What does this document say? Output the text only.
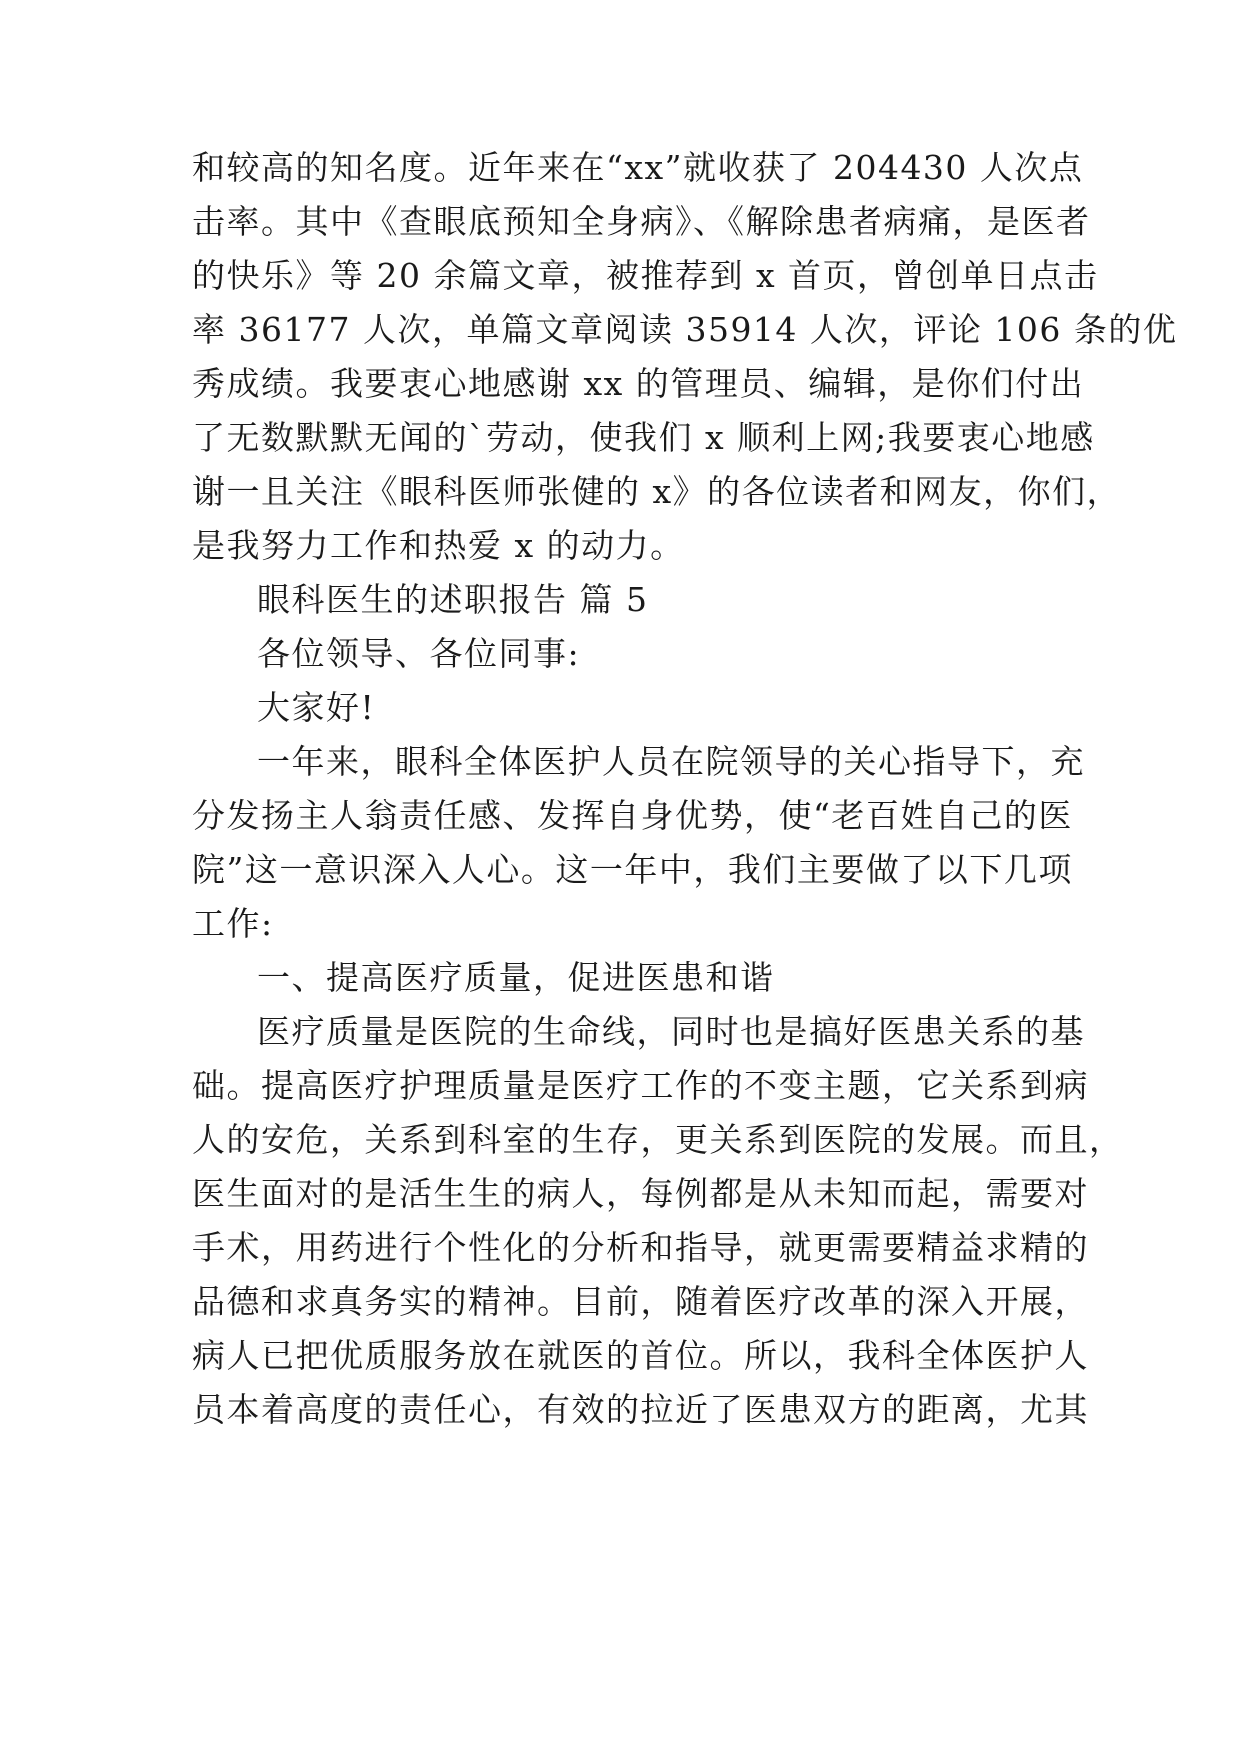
和较高的知名度。近年来在“xx”就收获了 204430 人次点
击率。其中《查眼底预知全身病》、《解除患者病痛，是医者
的快乐》等 20 余篇文章，被推荐到 x 首页，曾创单日点击
率 36177 人次，单篇文章阅读 35914 人次，评论 106 条的优
秀成绩。我要衷心地感谢 xx 的管理员、编辑，是你们付出
了无数默默无闻的`劳动，使我们 x 顺利上网;我要衷心地感
谢一且关注《眼科医师张健的 x》的各位读者和网友，你们，
是我努力工作和热爱 x 的动力。
眼科医生的述职报告 篇 5
各位领导、各位同事:
大家好!
一年来，眼科全体医护人员在院领导的关心指导下，充
分发扬主人翁责任感、发挥自身优势，使“老百姓自己的医
院”这一意识深入人心。这一年中，我们主要做了以下几项
工作:
一、提高医疗质量，促进医患和谐
医疗质量是医院的生命线，同时也是搞好医患关系的基
础。提高医疗护理质量是医疗工作的不变主题，它关系到病
人的安危，关系到科室的生存，更关系到医院的发展。而且，
医生面对的是活生生的病人，每例都是从未知而起，需要对
手术，用药进行个性化的分析和指导，就更需要精益求精的
品德和求真务实的精神。目前，随着医疗改革的深入开展，
病人已把优质服务放在就医的首位。所以，我科全体医护人
员本着高度的责任心，有效的拉近了医患双方的距离，尤其
